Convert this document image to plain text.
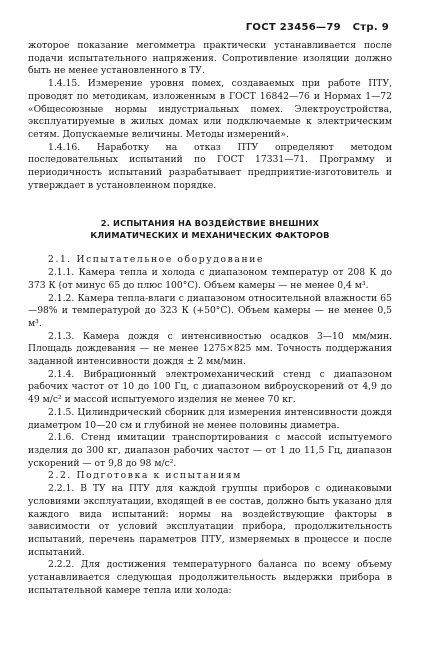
ГОСТ 23456—79 Стр. 9

жоторое показание мегомметра практически устанавливается после подачи испытательного напряжения. Сопротивление изоляции должно быть не менее установленного в ТУ.

1.4.15. Измерение уровня помех, создаваемых при работе ПТУ, проводят по методикам, изложенным в ГОСТ 16842—76 и Нормах 1—72 «Общесоюзные нормы индустриальных помех. Электроустройства, эксплуатируемые в жилых домах или подключаемые к электрическим сетям. Допускаемые величины. Методы измерений».

1.4.16. Наработку на отказ ПТУ определяют методом последовательных испытаний по ГОСТ 17331—71. Программу и периодичность испытаний разрабатывает предприятие-изготовитель и утверждает в установленном порядке.

2. ИСПЫТАНИЯ НА ВОЗДЕЙСТВИЕ ВНЕШНИХ
КЛИМАТИЧЕСКИХ И МЕХАНИЧЕСКИХ ФАКТОРОВ

2.1. Испытательное оборудование

2.1.1. Камера тепла и холода с диапазоном температур от 208 К до 373 К (от минус 65 до плюс 100°С). Объем камеры — не менее 0,4 м³.

2.1.2. Камера тепла-влаги с диапазоном относительной влажности 65—98% и температурой до 323 К (+50°С). Объем камеры — не менее 0,5 м³.

2.1.3. Камера дождя с интенсивностью осадков 3—10 мм/мин. Площадь дождевания — не менее 1275×825 мм. Точность поддержания заданной интенсивности дождя ± 2 мм/мин.

2.1.4. Вибрационный электромеханический стенд с диапазоном рабочих частот от 10 до 100 Гц, с диапазоном виброускорений от 4,9 до 49 м/с² и массой испытуемого изделия не менее 70 кг.

2.1.5. Цилиндрический сборник для измерения интенсивности дождя диаметром 10—20 см и глубиной не менее половины диаметра.

2.1.6. Стенд имитации транспортирования с массой испытуемого изделия до 300 кг, диапазон рабочих частот — от 1 до 11,5 Гц, диапазон ускорений — от 9,8 до 98 м/с².

2.2. Подготовка к испытаниям

2.2.1. В ТУ на ПТУ для каждой группы приборов с одинаковыми условиями эксплуатации, входящей в ее состав, должно быть указано для каждого вида испытаний: нормы на воздействующие факторы в зависимости от условий эксплуатации прибора, продолжительность испытаний, перечень параметров ПТУ, измеряемых в процессе и после испытаний.

2.2.2. Для достижения температурного баланса по всему объему устанавливается следующая продолжительность выдержки прибора в испытательной камере тепла или холода:
